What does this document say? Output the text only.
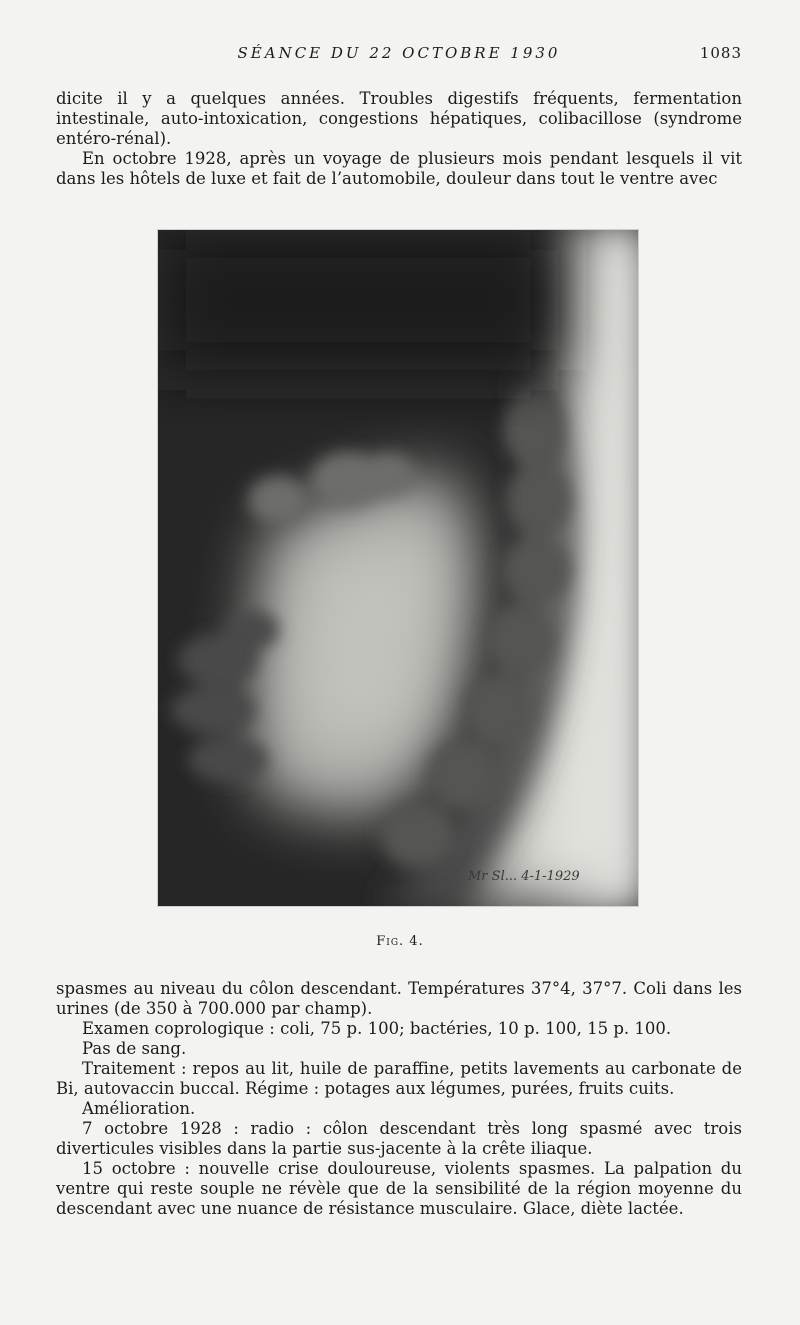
SÉANCE DU 22 OCTOBRE 1930	1083

dicite il y a quelques années. Troubles digestifs fréquents, fermentation intestinale, auto-intoxication, congestions hépatiques, colibacillose (syndrome entéro-rénal).

En octobre 1928, après un voyage de plusieurs mois pendant lesquels il vit dans les hôtels de luxe et fait de l’automobile, douleur dans tout le ventre avec

Mr Sl... 4-1-1929
Fig. 4.

spasmes au niveau du côlon descendant. Températures 37°4, 37°7. Coli dans les urines (de 350 à 700.000 par champ).

Examen coprologique : coli, 75 p. 100; bactéries, 10 p. 100, 15 p. 100.

Pas de sang.

Traitement : repos au lit, huile de paraffine, petits lavements au carbonate de Bi, autovaccin buccal. Régime : potages aux légumes, purées, fruits cuits.

Amélioration.

7 octobre 1928 : radio : côlon descendant très long spasmé avec trois diverticules visibles dans la partie sus-jacente à la crête iliaque.

15 octobre : nouvelle crise douloureuse, violents spasmes. La palpation du ventre qui reste souple ne révèle que de la sensibilité de la région moyenne du descendant avec une nuance de résistance musculaire. Glace, diète lactée.
